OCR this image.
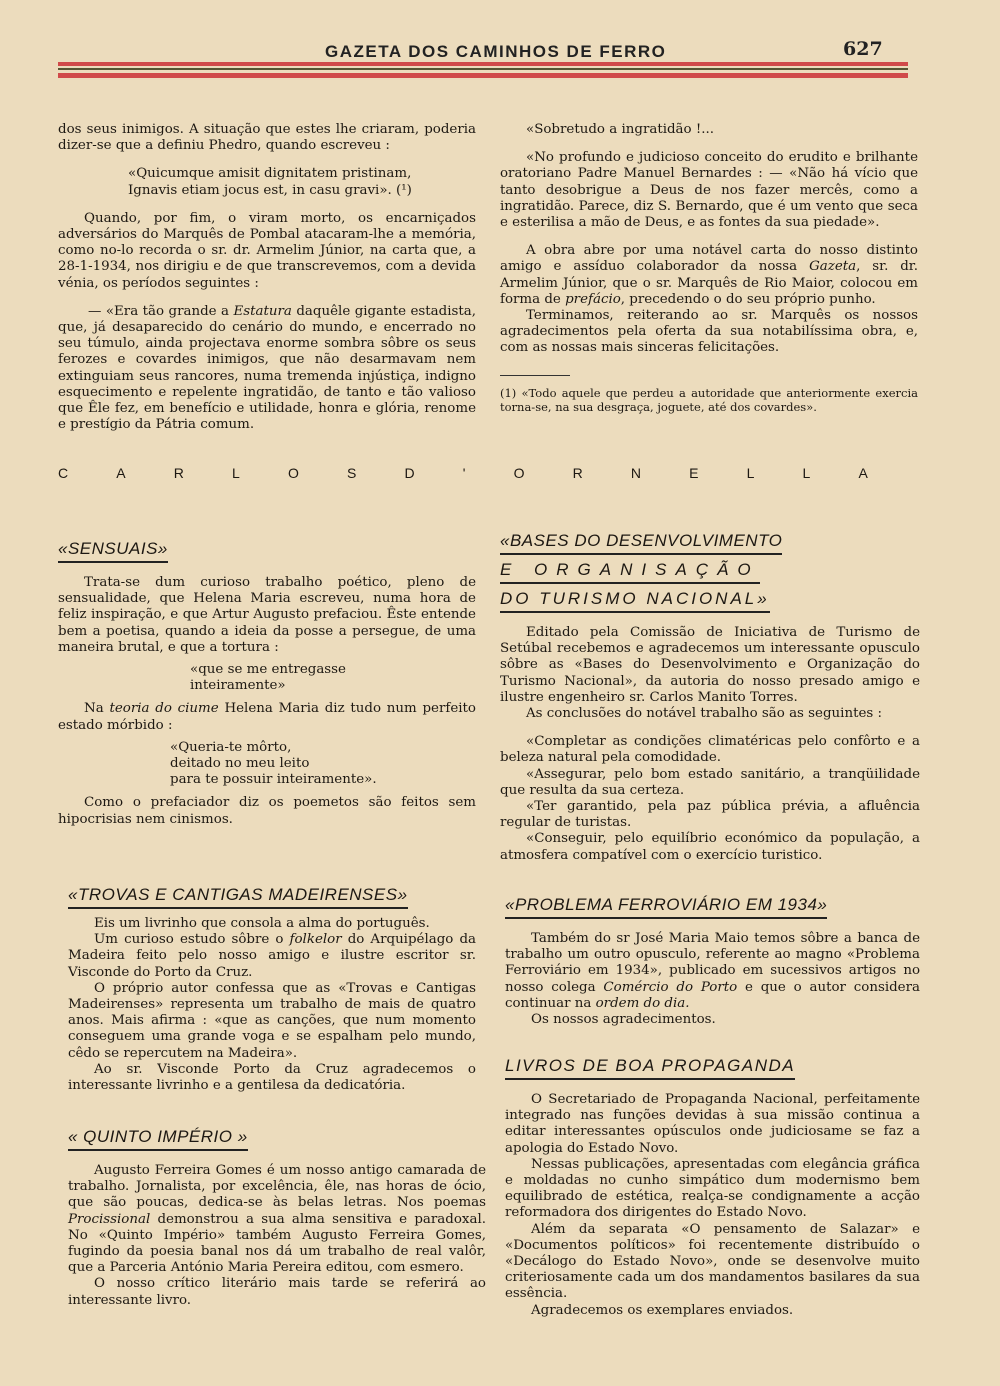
GAZETA DOS CAMINHOS DE FERRO	627

dos seus inimigos. A situação que estes lhe criaram, poderia dizer-se que a definiu Phedro, quando escreveu :

«Quicumque amisit dignitatem pristinam,
Ignavis etiam jocus est, in casu gravi». (¹)

Quando, por fim, o viram morto, os encarniçados adversários do Marquês de Pombal atacaram-lhe a memória, como no-lo recorda o sr. dr. Armelim Júnior, na carta que, a 28-1-1934, nos dirigiu e de que transcrevemos, com a devida vénia, os períodos seguintes :

— «Era tão grande a Estatura daquêle gigante estadista, que, já desaparecido do cenário do mundo, e encerrado no seu túmulo, ainda projectava enorme sombra sôbre os seus ferozes e covardes inimigos, que não desarmavam nem extinguiam seus rancores, numa tremenda injústiça, indigno esquecimento e repelente ingratidão, de tanto e tão valioso que Êle fez, em benefício e utilidade, honra e glória, renome e prestígio da Pátria comum.

C	A	R	L	O	S	D	'	O	R	N	E	L	L	A

«Sobretudo a ingratidão !...

«No profundo e judicioso conceito do erudito e brilhante oratoriano Padre Manuel Bernardes : — «Não há vício que tanto desobrigue a Deus de nos fazer mercês, como a ingratidão. Parece, diz S. Bernardo, que é um vento que seca e esterilisa a mão de Deus, e as fontes da sua piedade».

A obra abre por uma notável carta do nosso distinto amigo e assíduo colaborador da nossa Gazeta, sr. dr. Armelim Júnior, que o sr. Marquês de Rio Maior, colocou em forma de prefácio, precedendo o do seu próprio punho.

Terminamos, reiterando ao sr. Marquês os nossos agradecimentos pela oferta da sua notabilíssima obra, e, com as nossas mais sinceras felicitações.

(1) «Todo aquele que perdeu a autoridade que anteriormente exercia torna-se, na sua desgraça, joguete, até dos covardes».

«SENSUAIS»

Trata-se dum curioso trabalho poético, pleno de sensualidade, que Helena Maria escreveu, numa hora de feliz inspiração, e que Artur Augusto prefaciou. Êste entende bem a poetisa, quando a ideia da posse a persegue, de uma maneira brutal, e que a tortura :

«que se me entregasse
inteiramente»

Na teoria do ciume Helena Maria diz tudo num perfeito estado mórbido :

«Queria-te môrto,
deitado no meu leito
para te possuir inteiramente».

Como o prefaciador diz os poemetos são feitos sem hipocrisias nem cinismos.

«TROVAS E CANTIGAS MADEIRENSES»

Eis um livrinho que consola a alma do português.

Um curioso estudo sôbre o folkelor do Arquipélago da Madeira feito pelo nosso amigo e ilustre escritor sr. Visconde do Porto da Cruz.

O próprio autor confessa que as «Trovas e Cantigas Madeirenses» representa um trabalho de mais de quatro anos. Mais afirma : «que as canções, que num momento conseguem uma grande voga e se espalham pelo mundo, cêdo se repercutem na Madeira».

Ao sr. Visconde Porto da Cruz agradecemos o interessante livrinho e a gentilesa da dedicatória.

« QUINTO IMPÉRIO »

Augusto Ferreira Gomes é um nosso antigo camarada de trabalho. Jornalista, por excelência, êle, nas horas de ócio, que são poucas, dedica-se às belas letras. Nos poemas Procissional demonstrou a sua alma sensitiva e paradoxal. No «Quinto Império» também Augusto Ferreira Gomes, fugindo da poesia banal nos dá um trabalho de real valôr, que a Parceria António Maria Pereira editou, com esmero.

O nosso crítico literário mais tarde se referirá ao interessante livro.

«BASES DO DESENVOLVIMENTO
E ORGANISAÇÃO
DO TURISMO NACIONAL»

Editado pela Comissão de Iniciativa de Turismo de Setúbal recebemos e agradecemos um interessante opusculo sôbre as «Bases do Desenvolvimento e Organização do Turismo Nacional», da autoria do nosso presado amigo e ilustre engenheiro sr. Carlos Manito Torres.

As conclusões do notável trabalho são as seguintes :

«Completar as condições climatéricas pelo confôrto e a beleza natural pela comodidade.

«Assegurar, pelo bom estado sanitário, a tranqüilidade que resulta da sua certeza.

«Ter garantido, pela paz pública prévia, a afluência regular de turistas.

«Conseguir, pelo equilíbrio económico da população, a atmosfera compatível com o exercício turistico.

«PROBLEMA FERROVIÁRIO EM 1934»

Também do sr José Maria Maio temos sôbre a banca de trabalho um outro opusculo, referente ao magno «Problema Ferroviário em 1934», publicado em sucessivos artigos no nosso colega Comércio do Porto e que o autor considera continuar na ordem do dia.

Os nossos agradecimentos.

LIVROS DE BOA PROPAGANDA

O Secretariado de Propaganda Nacional, perfeitamente integrado nas funções devidas à sua missão continua a editar interessantes opúsculos onde judiciosame se faz a apologia do Estado Novo.

Nessas publicações, apresentadas com elegância gráfica e moldadas no cunho simpático dum modernismo bem equilibrado de estética, realça-se condignamente a acção reformadora dos dirigentes do Estado Novo.

Além da separata «O pensamento de Salazar» e «Documentos políticos» foi recentemente distribuído o «Decálogo do Estado Novo», onde se desenvolve muito criteriosamente cada um dos mandamentos basilares da sua essência.

Agradecemos os exemplares enviados.
